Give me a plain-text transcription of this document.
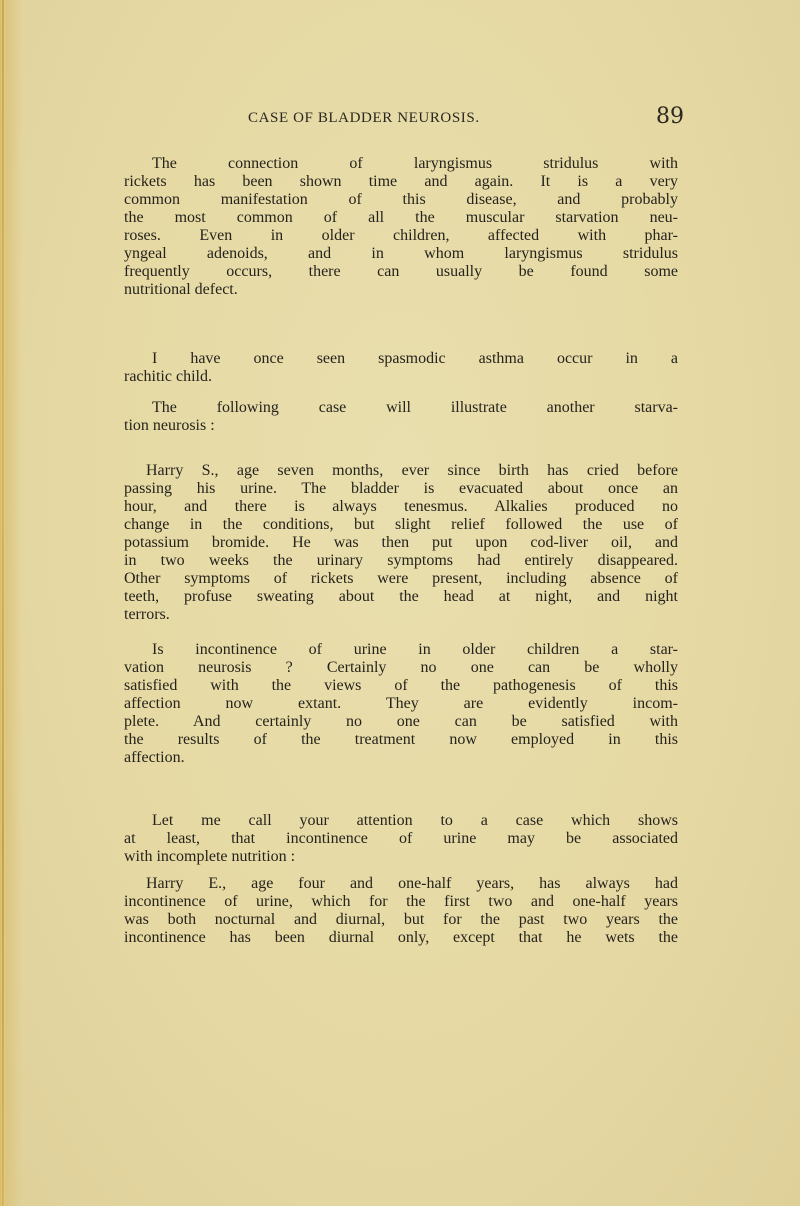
CASE OF BLADDER NEUROSIS.	89
The connection of laryngismus stridulus with
rickets has been shown time and again. It is a very
common manifestation of this disease, and probably
the most common of all the muscular starvation neu-
roses. Even in older children, affected with phar-
yngeal adenoids, and in whom laryngismus stridulus
frequently occurs, there can usually be found some
nutritional defect.
I have once seen spasmodic asthma occur in a
rachitic child.
The following case will illustrate another starva-
tion neurosis :
Harry S., age seven months, ever since birth has cried before
passing his urine. The bladder is evacuated about once an
hour, and there is always tenesmus. Alkalies produced no
change in the conditions, but slight relief followed the use of
potassium bromide. He was then put upon cod-liver oil, and
in two weeks the urinary symptoms had entirely disappeared.
Other symptoms of rickets were present, including absence of
teeth, profuse sweating about the head at night, and night
terrors.
Is incontinence of urine in older children a star-
vation neurosis ? Certainly no one can be wholly
satisfied with the views of the pathogenesis of this
affection now extant. They are evidently incom-
plete. And certainly no one can be satisfied with
the results of the treatment now employed in this
affection.
Let me call your attention to a case which shows
at least, that incontinence of urine may be associated
with incomplete nutrition :
Harry E., age four and one-half years, has always had
incontinence of urine, which for the first two and one-half years
was both nocturnal and diurnal, but for the past two years the
incontinence has been diurnal only, except that he wets the
